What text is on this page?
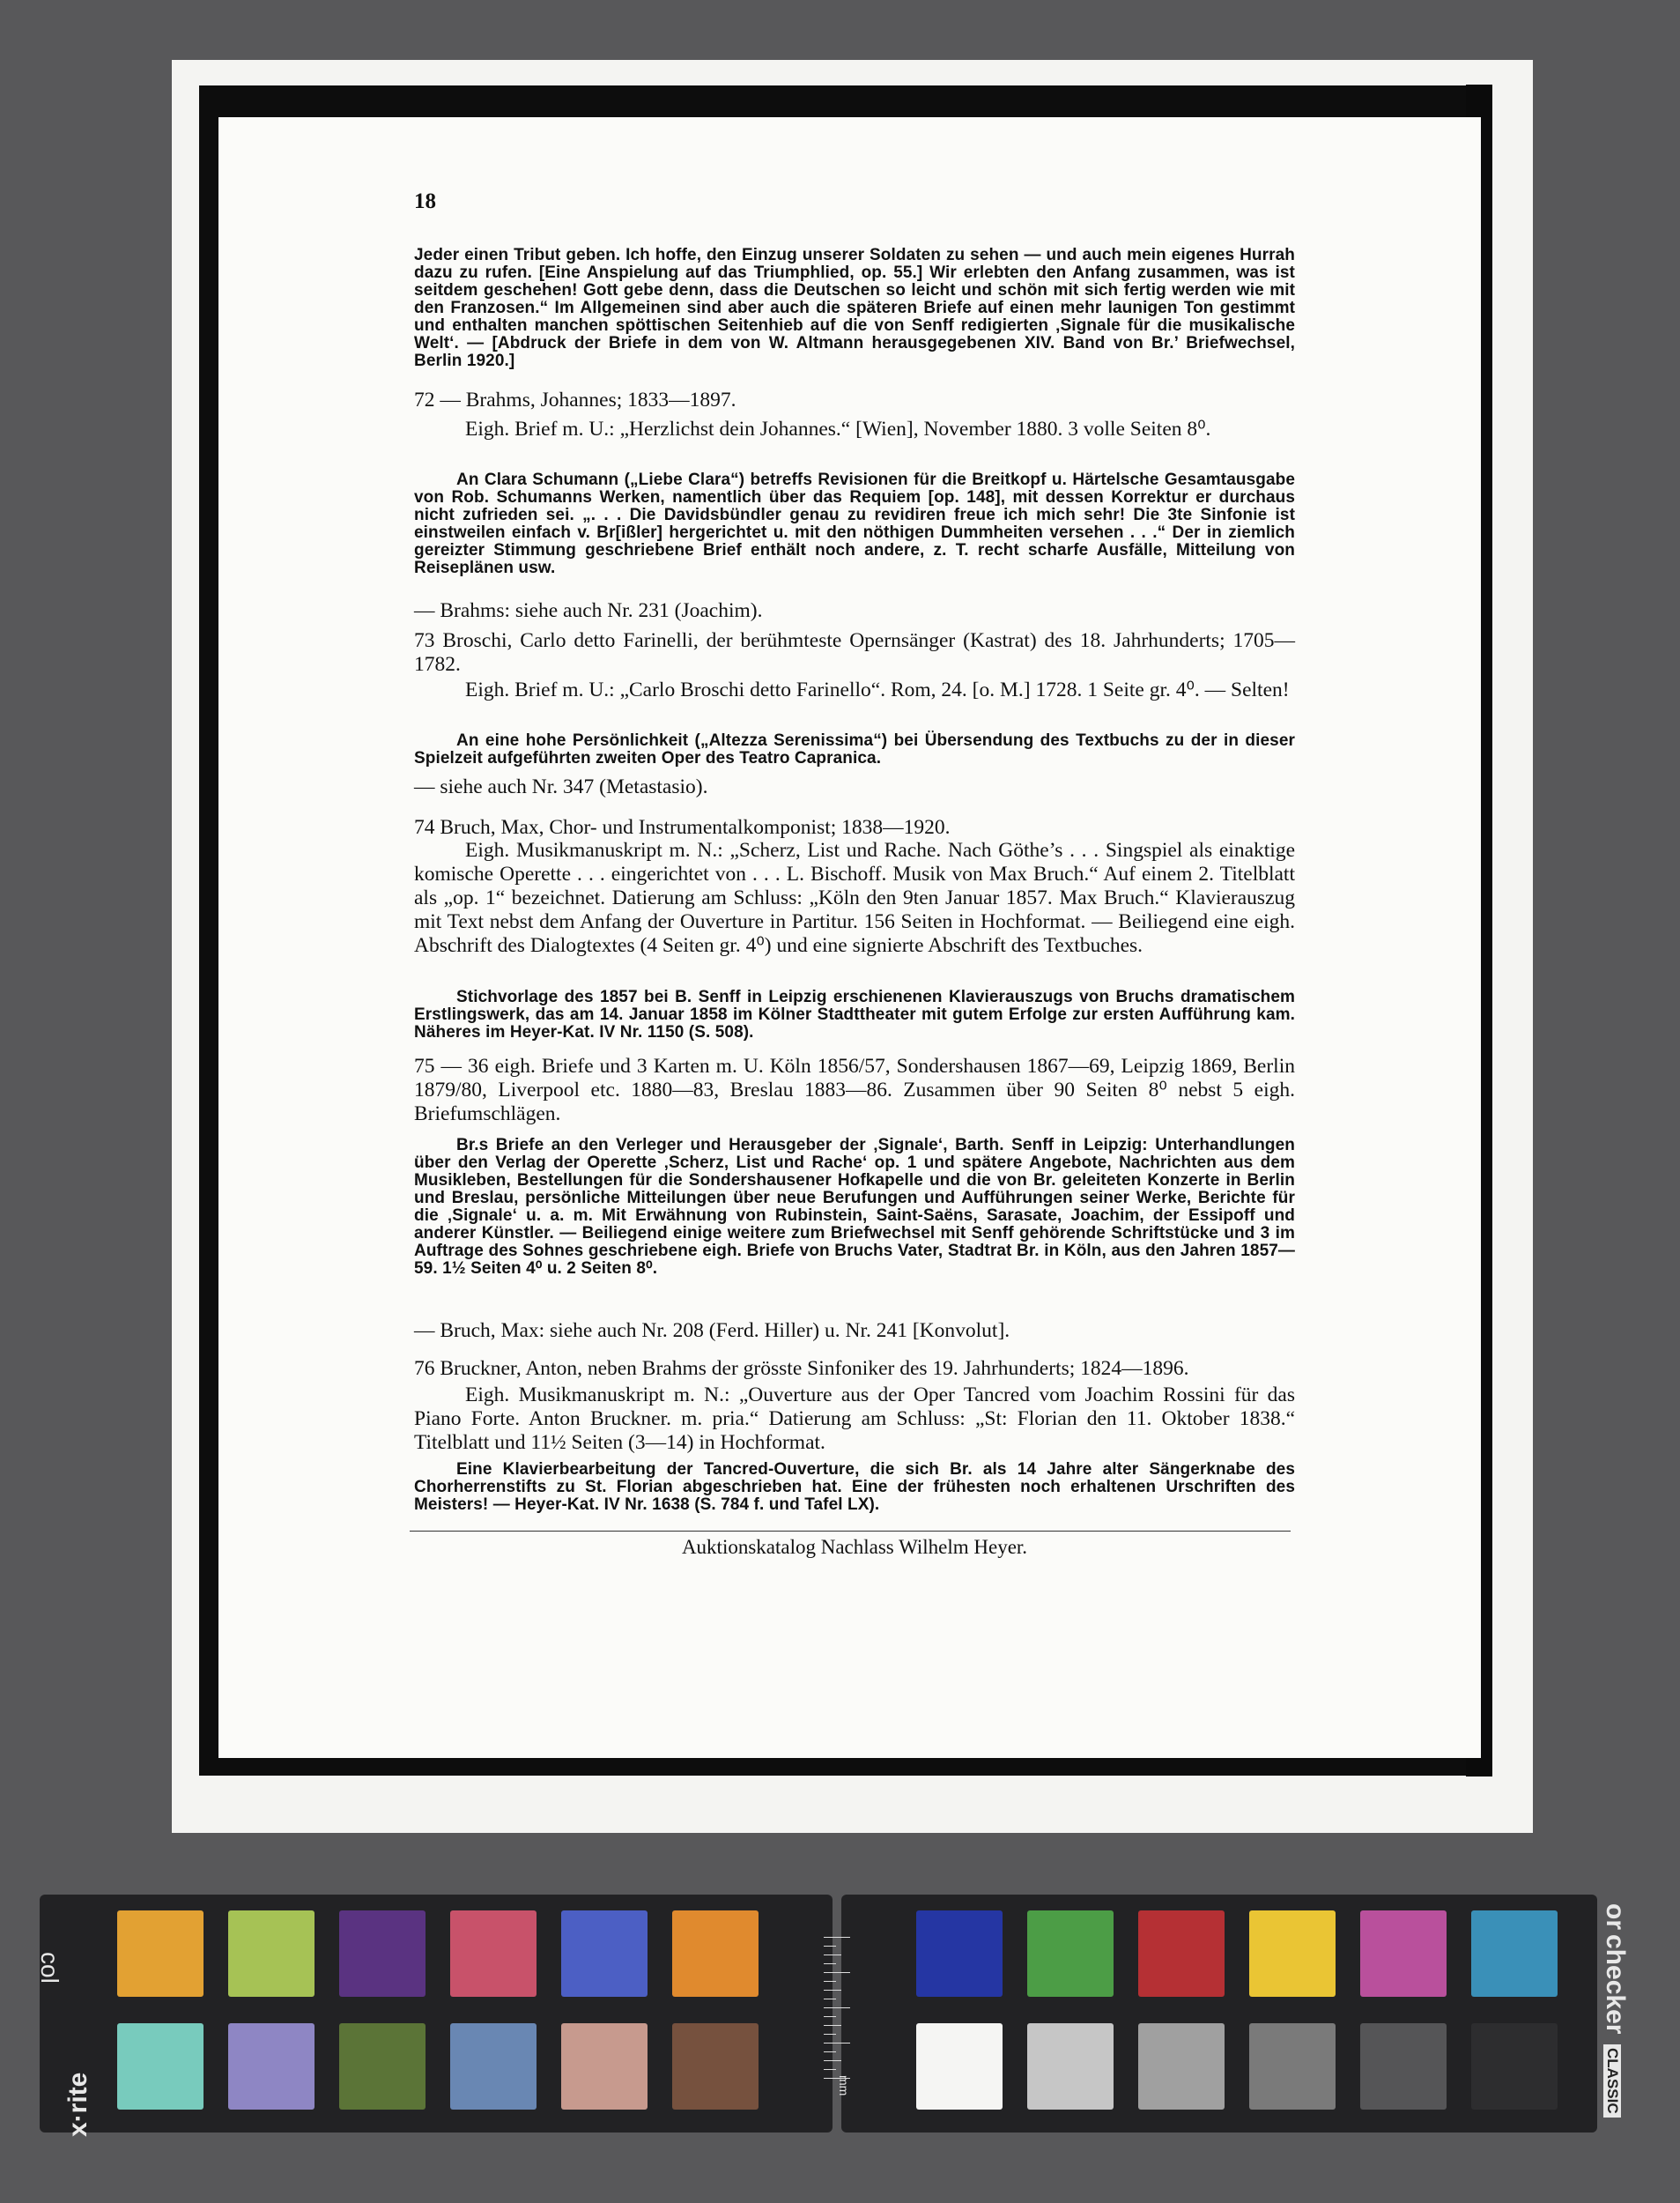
18
Jeder einen Tribut geben. Ich hoffe, den Einzug unserer Soldaten zu sehen — und auch mein eigenes Hurrah dazu zu rufen. [Eine Anspielung auf das Triumphlied, op. 55.] Wir erlebten den Anfang zusammen, was ist seitdem geschehen! Gott gebe denn, dass die Deutschen so leicht und schön mit sich fertig werden wie mit den Franzosen.“ Im Allgemeinen sind aber auch die späteren Briefe auf einen mehr launigen Ton gestimmt und enthalten manchen spöttischen Seitenhieb auf die von Senff redigierten ‚Signale für die musikalische Welt‘. — [Abdruck der Briefe in dem von W. Altmann herausgegebenen XIV. Band von Br.’ Briefwechsel, Berlin 1920.]
72 — Brahms, Johannes; 1833—1897.
Eigh. Brief m. U.: „Herzlichst dein Johannes.“ [Wien], November 1880. 3 volle Seiten 8⁰.
An Clara Schumann („Liebe Clara“) betreffs Revisionen für die Breitkopf u. Härtelsche Gesamtausgabe von Rob. Schumanns Werken, namentlich über das Requiem [op. 148], mit dessen Korrektur er durchaus nicht zufrieden sei. „. . . Die Davidsbündler genau zu revidiren freue ich mich sehr! Die 3te Sinfonie ist einstweilen einfach v. Br[ißler] hergerichtet u. mit den nöthigen Dummheiten versehen . . .“ Der in ziemlich gereizter Stimmung geschriebene Brief enthält noch andere, z. T. recht scharfe Ausfälle, Mitteilung von Reiseplänen usw.
— Brahms: siehe auch Nr. 231 (Joachim).
73 Broschi, Carlo detto Farinelli, der berühmteste Opernsänger (Kastrat) des 18. Jahrhunderts; 1705—1782.
Eigh. Brief m. U.: „Carlo Broschi detto Farinello“. Rom, 24. [o. M.] 1728. 1 Seite gr. 4⁰. — Selten!
An eine hohe Persönlichkeit („Altezza Serenissima“) bei Übersendung des Textbuchs zu der in dieser Spielzeit aufgeführten zweiten Oper des Teatro Capranica.
— siehe auch Nr. 347 (Metastasio).
74 Bruch, Max, Chor- und Instrumentalkomponist; 1838—1920.
Eigh. Musikmanuskript m. N.: „Scherz, List und Rache. Nach Göthe’s . . . Singspiel als einaktige komische Operette . . . eingerichtet von . . . L. Bischoff. Musik von Max Bruch.“ Auf einem 2. Titelblatt als „op. 1“ bezeichnet. Datierung am Schluss: „Köln den 9ten Januar 1857. Max Bruch.“ Klavierauszug mit Text nebst dem Anfang der Ouverture in Partitur. 156 Seiten in Hochformat. — Beiliegend eine eigh. Abschrift des Dialogtextes (4 Seiten gr. 4⁰) und eine signierte Abschrift des Textbuches.
Stichvorlage des 1857 bei B. Senff in Leipzig erschienenen Klavierauszugs von Bruchs dramatischem Erstlingswerk, das am 14. Januar 1858 im Kölner Stadttheater mit gutem Erfolge zur ersten Aufführung kam. Näheres im Heyer-Kat. IV Nr. 1150 (S. 508).
75 — 36 eigh. Briefe und 3 Karten m. U. Köln 1856/57, Sondershausen 1867—69, Leipzig 1869, Berlin 1879/80, Liverpool etc. 1880—83, Breslau 1883—86. Zusammen über 90 Seiten 8⁰ nebst 5 eigh. Briefumschlägen.
Br.s Briefe an den Verleger und Herausgeber der ‚Signale‘, Barth. Senff in Leipzig: Unterhandlungen über den Verlag der Operette ‚Scherz, List und Rache‘ op. 1 und spätere Angebote, Nachrichten aus dem Musikleben, Bestellungen für die Sondershausener Hofkapelle und die von Br. geleiteten Konzerte in Berlin und Breslau, persönliche Mitteilungen über neue Berufungen und Aufführungen seiner Werke, Berichte für die ‚Signale‘ u. a. m. Mit Erwähnung von Rubinstein, Saint-Saëns, Sarasate, Joachim, der Essipoff und anderer Künstler. — Beiliegend einige weitere zum Briefwechsel mit Senff gehörende Schriftstücke und 3 im Auftrage des Sohnes geschriebene eigh. Briefe von Bruchs Vater, Stadtrat Br. in Köln, aus den Jahren 1857—59. 1½ Seiten 4⁰ u. 2 Seiten 8⁰.
— Bruch, Max: siehe auch Nr. 208 (Ferd. Hiller) u. Nr. 241 [Konvolut].
76 Bruckner, Anton, neben Brahms der grösste Sinfoniker des 19. Jahrhunderts; 1824—1896.
Eigh. Musikmanuskript m. N.: „Ouverture aus der Oper Tancred vom Joachim Rossini für das Piano Forte. Anton Bruckner. m. pria.“ Datierung am Schluss: „St: Florian den 11. Oktober 1838.“ Titelblatt und 11½ Seiten (3—14) in Hochformat.
Eine Klavierbearbeitung der Tancred-Ouverture, die sich Br. als 14 Jahre alter Sängerknabe des Chorherrenstifts zu St. Florian abgeschrieben hat. Eine der frühesten noch erhaltenen Urschriften des Meisters! — Heyer-Kat. IV Nr. 1638 (S. 784 f. und Tafel LX).
Auktionskatalog Nachlass Wilhelm Heyer.
col
x·rite	mm
or
checker
CLASSIC
